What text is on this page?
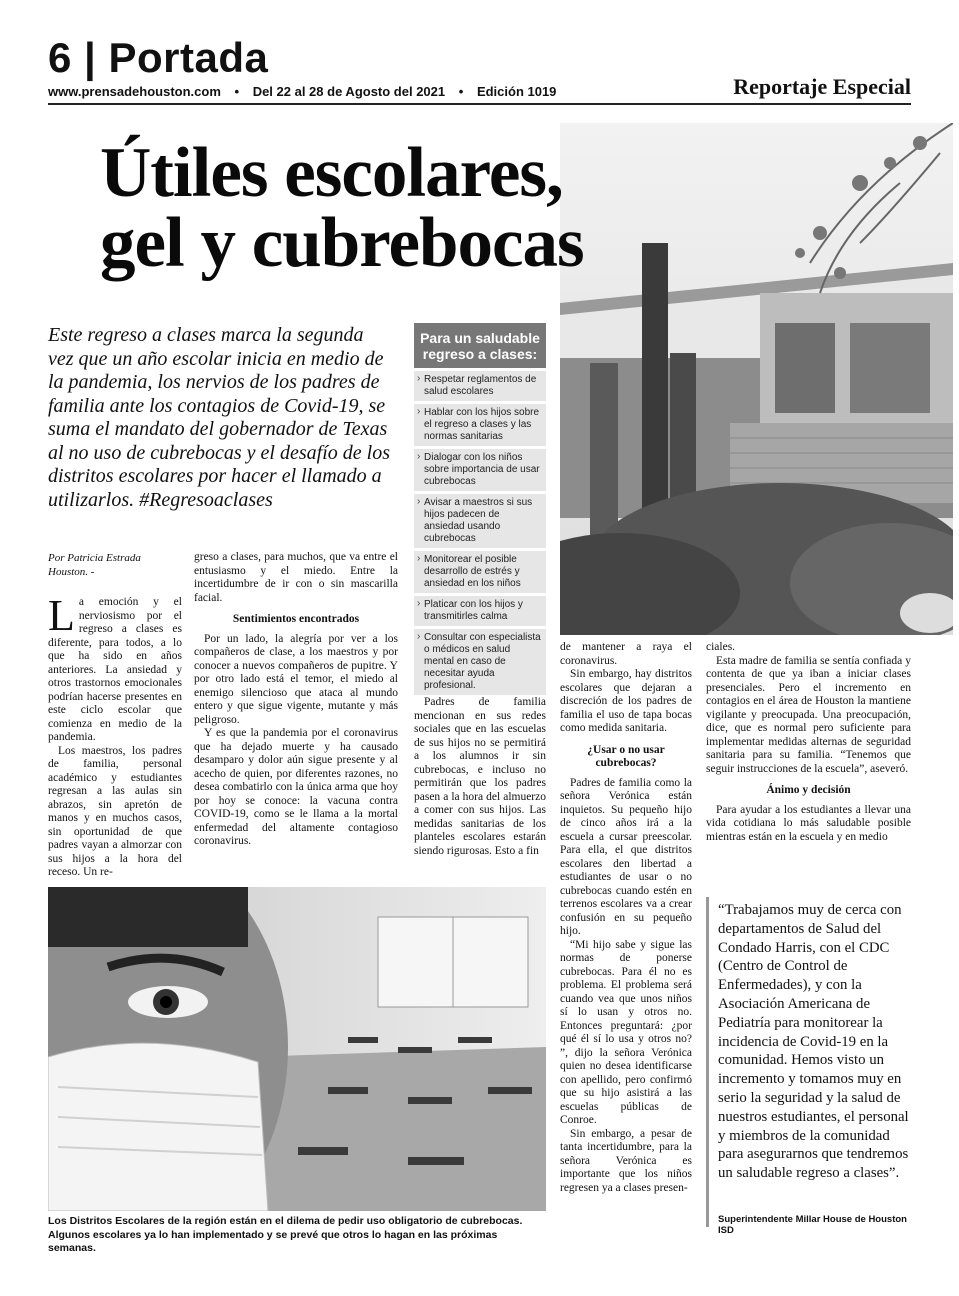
6 | Portada
www.prensadehouston.com • Del 22 al 28 de Agosto del 2021 • Edición 1019	Reportaje Especial
Útiles escolares,
gel y cubrebocas
Este regreso a clases marca la segunda vez que un año escolar inicia en medio de la pandemia, los nervios de los padres de familia ante los contagios de Covid-19, se suma el mandato del gobernador de Texas al no uso de cubrebocas y el desafío de los distritos escolares por hacer el llamado a utilizarlos. #Regresoaclases
Para un saludable regreso a clases:
› Respetar reglamentos de salud escolares
› Hablar con los hijos sobre el regreso a clases y las normas sanitarias
› Dialogar con los niños sobre importancia de usar cubrebocas
› Avisar a maestros si sus hijos padecen de ansiedad usando cubrebocas
› Monitorear el posible desarrollo de estrés y ansiedad en los niños
› Platicar con los hijos y transmitirles calma
› Consultar con especialista o médicos en salud mental en caso de necesitar ayuda profesional.
Por Patricia Estrada Houston. -

La emoción y el nerviosismo por el regreso a clases es diferente, para todos, a lo que ha sido en años anteriores. La ansiedad y otros trastornos emocionales podrían hacerse presentes en este ciclo escolar que comienza en medio de la pandemia.

Los maestros, los padres de familia, personal académico y estudiantes regresan a las aulas sin abrazos, sin apretón de manos y en muchos casos, sin oportunidad de que padres vayan a almorzar con sus hijos a la hora del receso. Un re-

greso a clases, para muchos, que va entre el entusiasmo y el miedo. Entre la incertidumbre de ir con o sin mascarilla facial.

Sentimientos encontrados

Por un lado, la alegría por ver a los compañeros de clase, a los maestros y por conocer a nuevos compañeros de pupitre. Y por otro lado está el temor, el miedo al enemigo silencioso que ataca al mundo entero y que sigue vigente, mutante y más peligroso.

Y es que la pandemia por el coronavirus que ha dejado muerte y ha causado desamparo y dolor aún sigue presente y al acecho de quien, por diferentes razones, no desea combatirlo con la única arma que hoy por hoy se conoce: la vacuna contra COVID-19, como se le llama a la mortal enfermedad del altamente contagioso coronavirus.

Padres de familia mencionan en sus redes sociales que en las escuelas de sus hijos no se permitirá a los alumnos ir sin cubrebocas, e incluso no permitirán que los padres pasen a la hora del almuerzo a comer con sus hijos. Las medidas sanitarias de los planteles escolares estarán siendo rigurosas. Esto a fin

de mantener a raya el coronavirus.

Sin embargo, hay distritos escolares que dejaran a discreción de los padres de familia el uso de tapa bocas como medida sanitaria.

¿Usar o no usar cubrebocas?

Padres de familia como la señora Verónica están inquietos. Su pequeño hijo de cinco años irá a la escuela a cursar preescolar. Para ella, el que distritos escolares den libertad a estudiantes de usar o no cubrebocas cuando estén en terrenos escolares va a crear confusión en su pequeño hijo.

“Mi hijo sabe y sigue las normas de ponerse cubrebocas. Para él no es problema. El problema será cuando vea que unos niños sí lo usan y otros no. Entonces preguntará: ¿por qué él sí lo usa y otros no? ”, dijo la señora Verónica quien no desea identificarse con apellido, pero confirmó que su hijo asistirá a las escuelas públicas de Conroe.

Sin embargo, a pesar de tanta incertidumbre, para la señora Verónica es importante que los niños regresen ya a clases presen-

ciales.

Esta madre de familia se sentía confiada y contenta de que ya iban a iniciar clases presenciales. Pero el incremento en contagios en el área de Houston la mantiene vigilante y preocupada. Una preocupación, dice, que es normal pero suficiente para implementar medidas alternas de seguridad sanitaria para su familia. “Tenemos que seguir instrucciones de la escuela”, aseveró.

Ánimo y decisión

Para ayudar a los estudiantes a llevar una vida cotidiana lo más saludable posible mientras están en la escuela y en medio

Los Distritos Escolares de la región están en el dilema de pedir uso obligatorio de cubrebocas. Algunos escolares ya lo han implementado y se prevé que otros lo hagan en las próximas semanas.
“Trabajamos muy de cerca con departamentos de Salud del Condado Harris, con el CDC (Centro de Control de Enfermedades), y con la Asociación Americana de Pediatría para monitorear la incidencia de Covid-19 en la comunidad. Hemos visto un incremento y tomamos muy en serio la seguridad y la salud de nuestros estudiantes, el personal y miembros de la comunidad para asegurarnos que tendremos un saludable regreso a clases”.
Superintendente Millar House de Houston ISD
